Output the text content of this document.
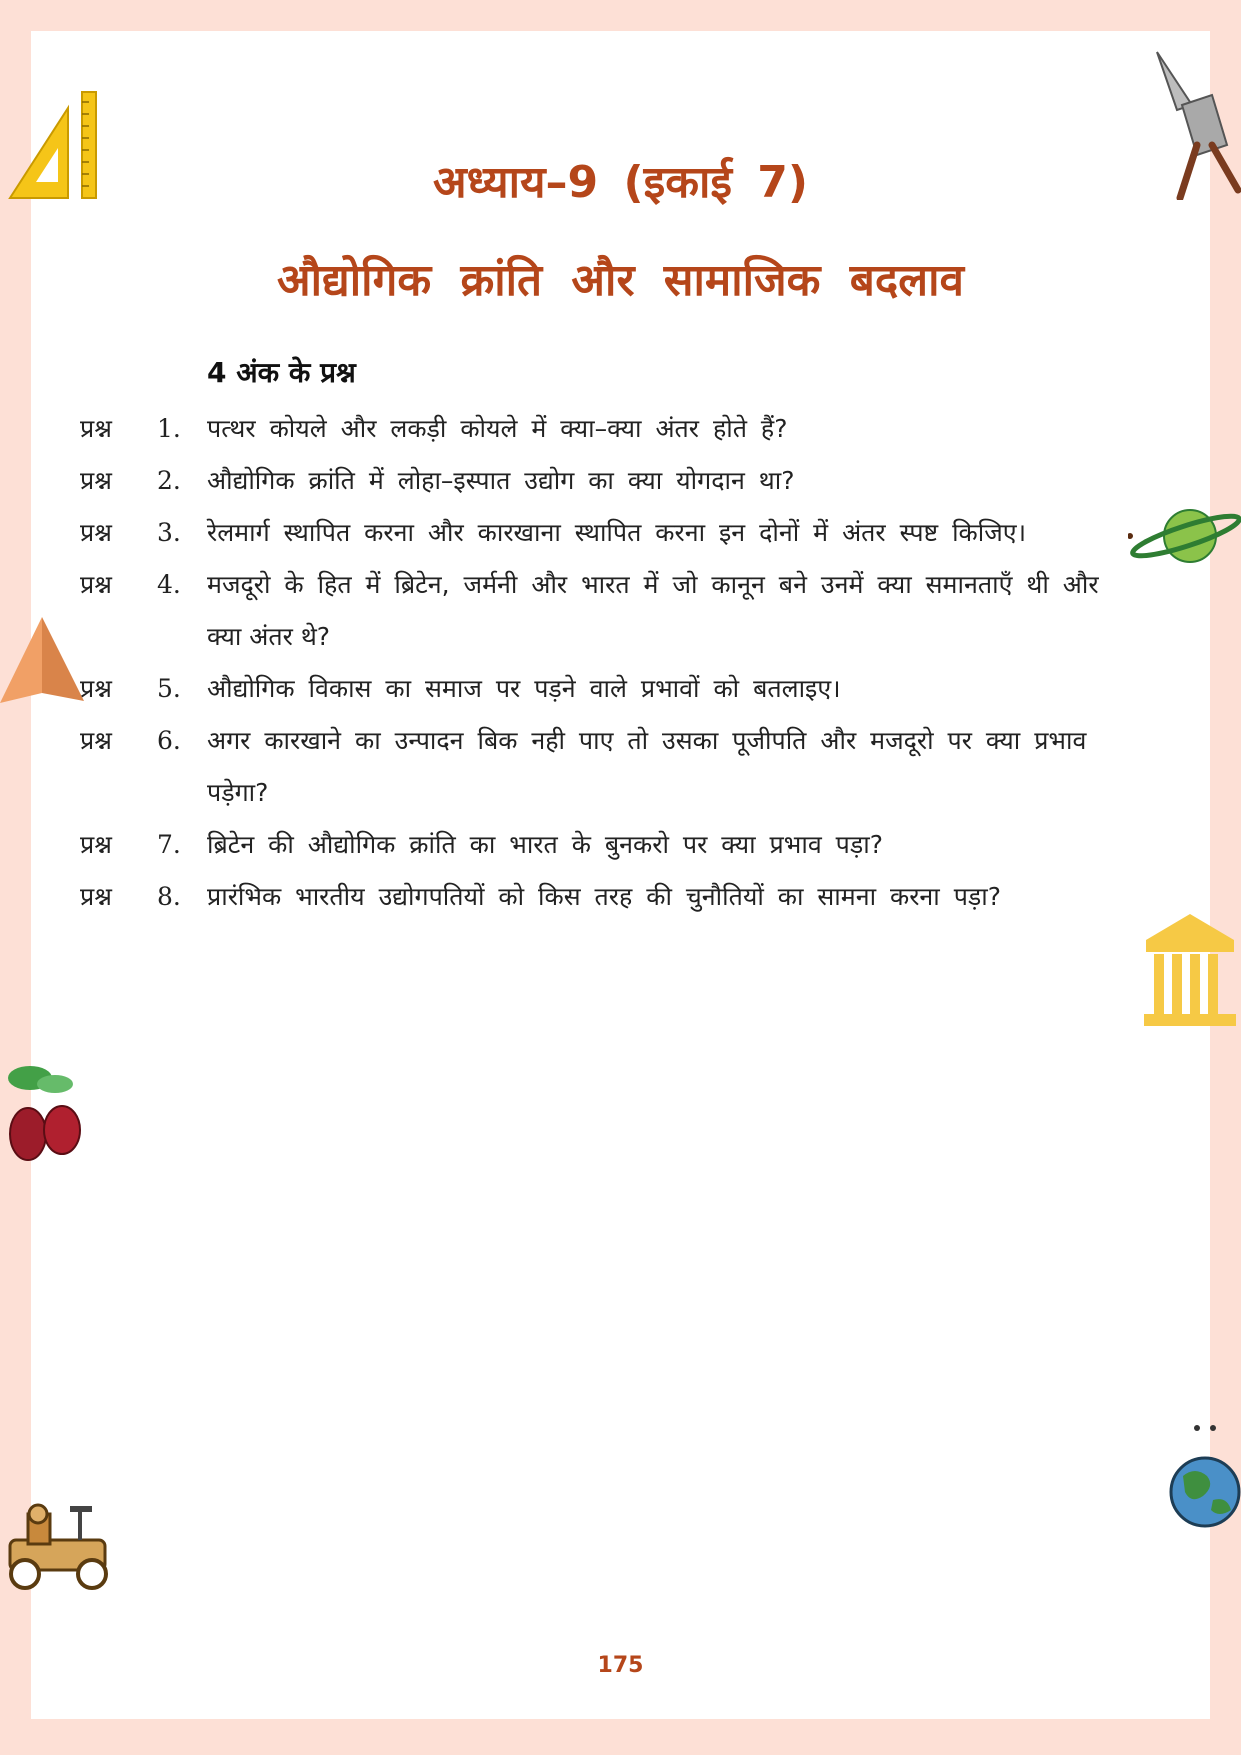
अध्याय–9 (इकाई 7)
औद्योगिक क्रांति और सामाजिक बदलाव
4 अंक के प्रश्न
प्रश्न 1. पत्थर कोयले और लकड़ी कोयले में क्या–क्या अंतर होते हैं?
प्रश्न 2. औद्योगिक क्रांति में लोहा–इस्पात उद्योग का क्या योगदान था?
प्रश्न 3. रेलमार्ग स्थापित करना और कारखाना स्थापित करना इन दोनों में अंतर स्पष्ट किजिए।
प्रश्न 4. मजदूरो के हित में ब्रिटेन, जर्मनी और भारत में जो कानून बने उनमें क्या समानताएँ थी और
क्या अंतर थे?
प्रश्न 5. औद्योगिक विकास का समाज पर पड़ने वाले प्रभावों को बतलाइए।
प्रश्न 6. अगर कारखाने का उन्पादन बिक नही पाए तो उसका पूजीपति और मजदूरो पर क्या प्रभाव
पड़ेगा?
प्रश्न 7. ब्रिटेन की औद्योगिक क्रांति का भारत के बुनकरो पर क्या प्रभाव पड़ा?
प्रश्न 8. प्रारंभिक भारतीय उद्योगपतियों को किस तरह की चुनौतियों का सामना करना पड़ा?
175
